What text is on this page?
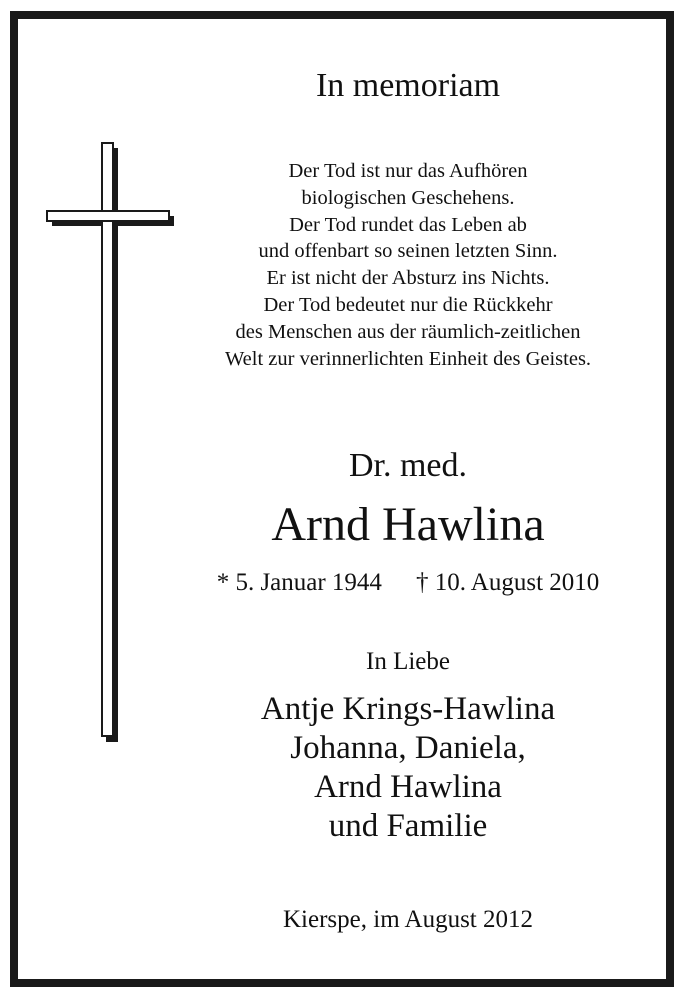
In memoriam
Der Tod ist nur das Aufhören
biologischen Geschehens.
Der Tod rundet das Leben ab
und offenbart so seinen letzten Sinn.
Er ist nicht der Absturz ins Nichts.
Der Tod bedeutet nur die Rückkehr
des Menschen aus der räumlich-zeitlichen
Welt zur verinnerlichten Einheit des Geistes.
Dr. med.
Arnd Hawlina
* 5. Januar 1944 † 10. August 2010
In Liebe
Antje Krings-Hawlina
Johanna, Daniela,
Arnd Hawlina
und Familie
Kierspe, im August 2012
